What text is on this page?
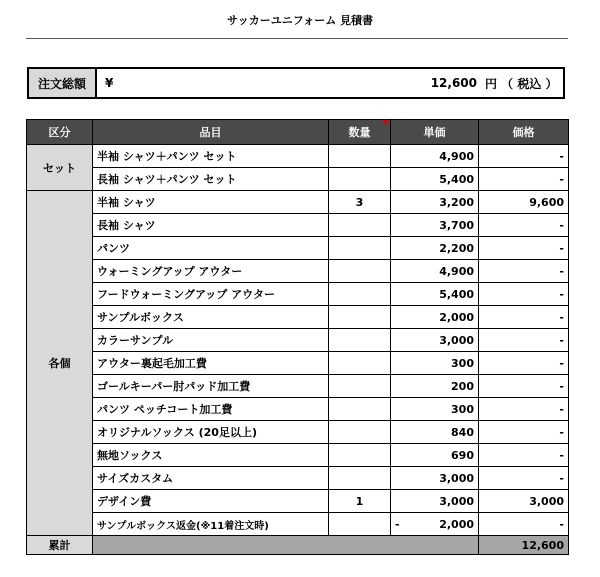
サッカーユニフォーム 見積書
注文総額	¥	12,600 円 （ 税込 ）
区分	品目	数量	単価	価格
セット	半袖 シャツ＋パンツ セット		4,900	-
	長袖 シャツ＋パンツ セット		5,400	-
各個	半袖 シャツ	3	3,200	9,600
	長袖 シャツ		3,700	-
	パンツ		2,200	-
	ウォーミングアップ アウター		4,900	-
	フードウォーミングアップ アウター		5,400	-
	サンプルボックス		2,000	-
	カラーサンプル		3,000	-
	アウター裏起毛加工費		300	-
	ゴールキーパー肘パッド加工費		200	-
	パンツ ペッチコート加工費		300	-
	オリジナルソックス (20足以上)		840	-
	無地ソックス		690	-
	サイズカスタム		3,000	-
	デザイン費	1	3,000	3,000
	サンプルボックス返金(※11着注文時)		- 2,000	-
累計				12,600
